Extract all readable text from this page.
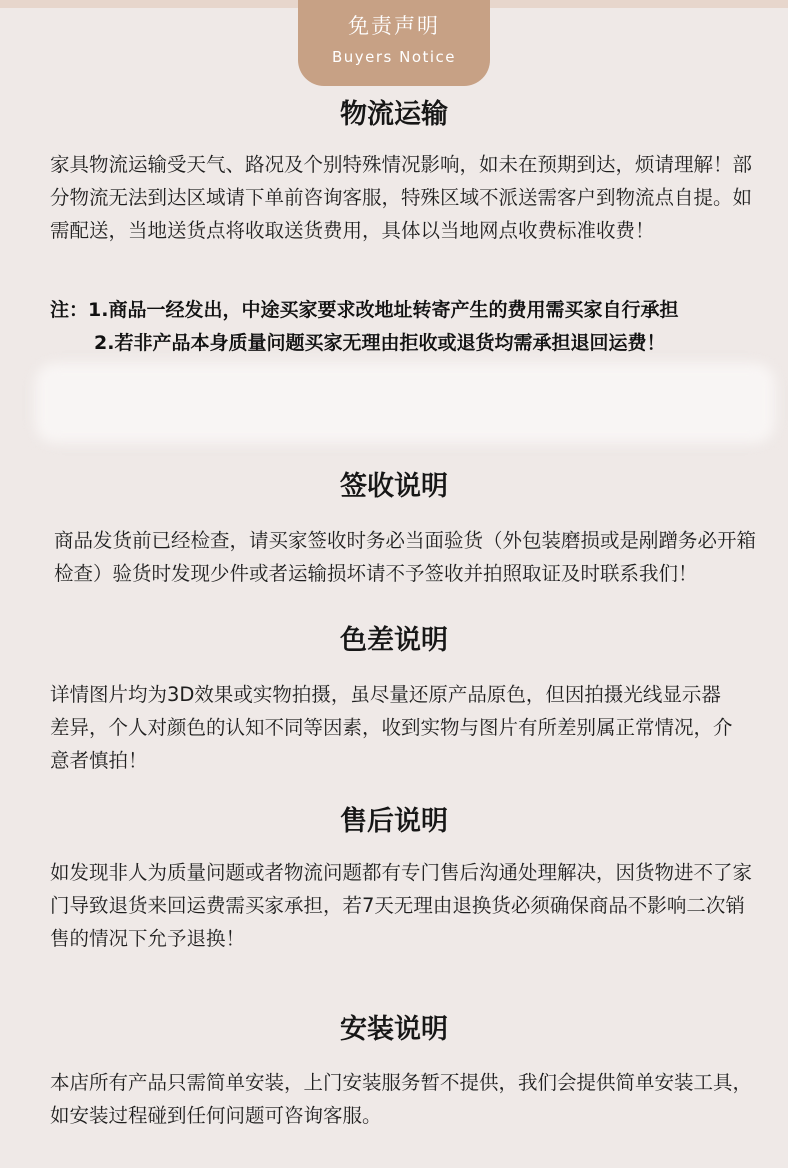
免责声明
Buyers Notice
物流运输
家具物流运输受天气、路况及个别特殊情况影响，如未在预期到达，烦请理解！部分物流无法到达区域请下单前咨询客服，特殊区域不派送需客户到物流点自提。如需配送，当地送货点将收取送货费用，具体以当地网点收费标准收费！
注：1.商品一经发出，中途买家要求改地址转寄产生的费用需买家自行承担
2.若非产品本身质量问题买家无理由拒收或退货均需承担退回运费！
签收说明
商品发货前已经检查，请买家签收时务必当面验货（外包装磨损或是剐蹭务必开箱检查）验货时发现少件或者运输损坏请不予签收并拍照取证及时联系我们！
色差说明
详情图片均为3D效果或实物拍摄，虽尽量还原产品原色，但因拍摄光线显示器差异，个人对颜色的认知不同等因素，收到实物与图片有所差别属正常情况，介意者慎拍！
售后说明
如发现非人为质量问题或者物流问题都有专门售后沟通处理解决，因货物进不了家门导致退货来回运费需买家承担，若7天无理由退换货必须确保商品不影响二次销售的情况下允予退换！
安装说明
本店所有产品只需简单安装，上门安装服务暂不提供，我们会提供简单安装工具，如安装过程碰到任何问题可咨询客服。
